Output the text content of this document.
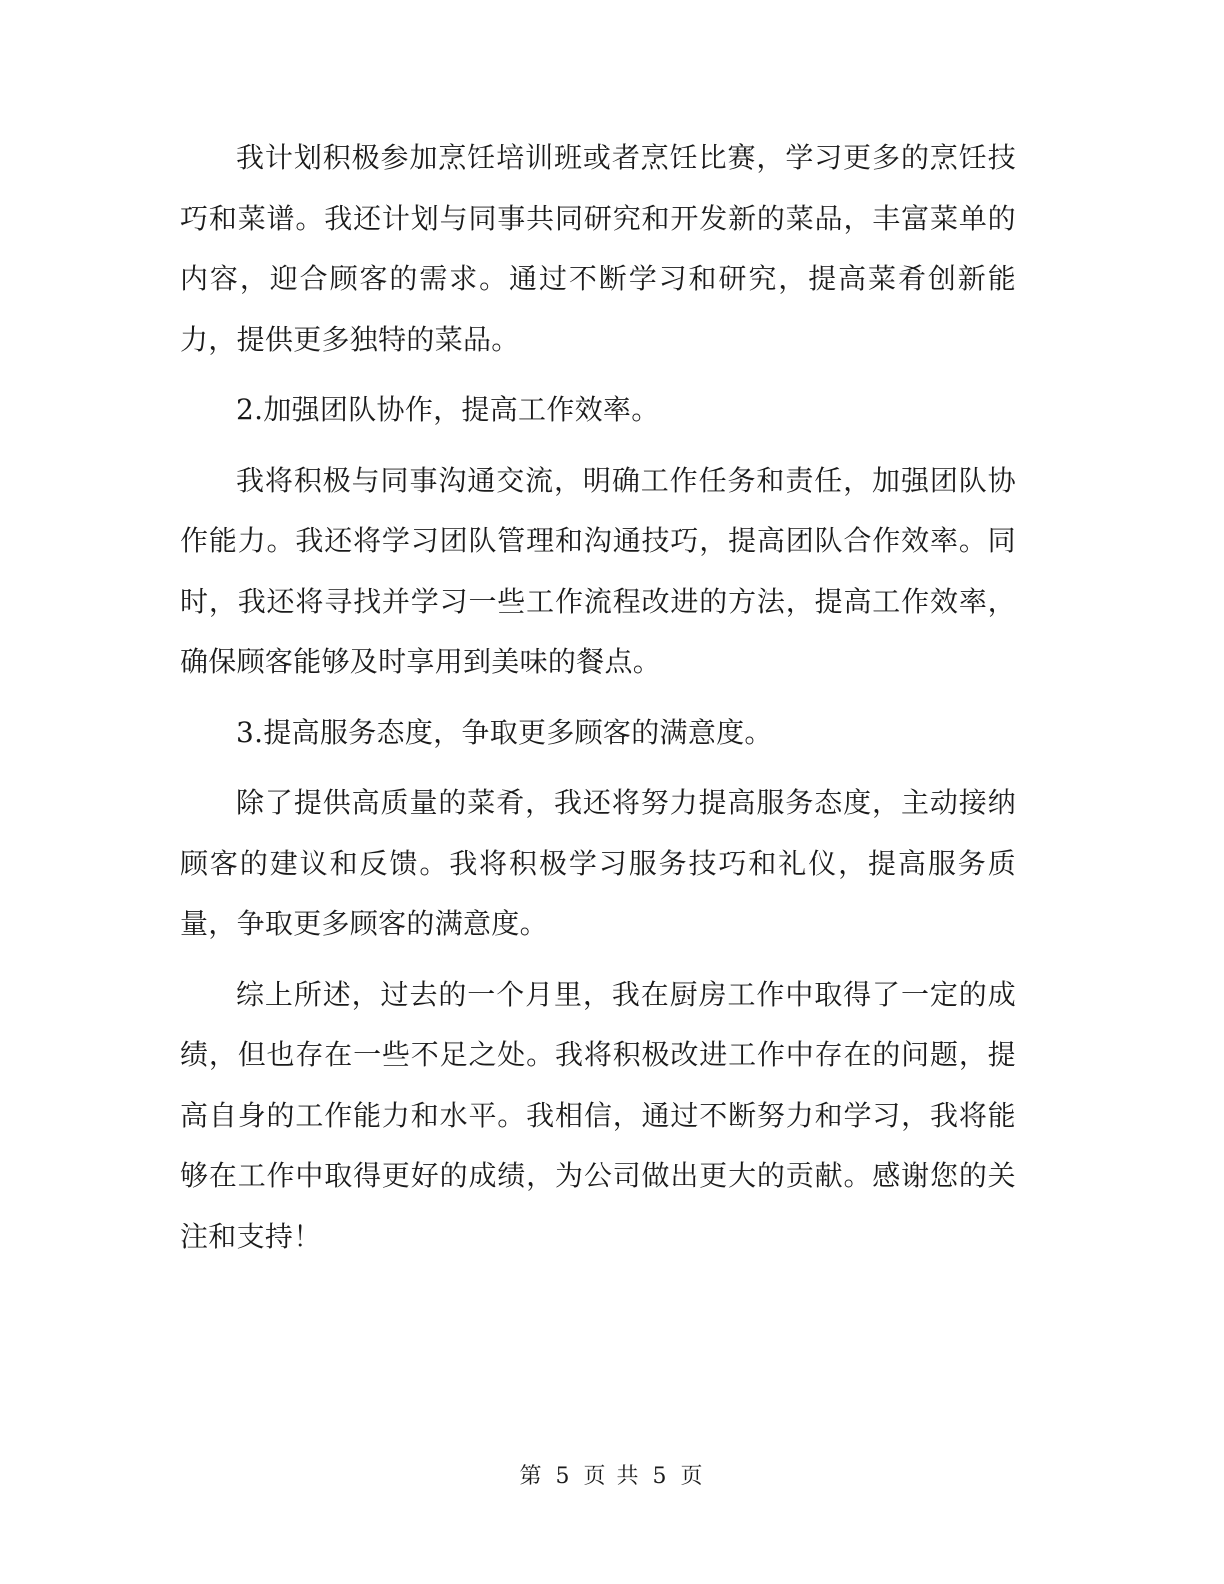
我计划积极参加烹饪培训班或者烹饪比赛，学习更多的烹饪技巧和菜谱。我还计划与同事共同研究和开发新的菜品，丰富菜单的内容，迎合顾客的需求。通过不断学习和研究，提高菜肴创新能力，提供更多独特的菜品。

2.加强团队协作，提高工作效率。

我将积极与同事沟通交流，明确工作任务和责任，加强团队协作能力。我还将学习团队管理和沟通技巧，提高团队合作效率。同时，我还将寻找并学习一些工作流程改进的方法，提高工作效率，确保顾客能够及时享用到美味的餐点。

3.提高服务态度，争取更多顾客的满意度。

除了提供高质量的菜肴，我还将努力提高服务态度，主动接纳顾客的建议和反馈。我将积极学习服务技巧和礼仪，提高服务质量，争取更多顾客的满意度。

综上所述，过去的一个月里，我在厨房工作中取得了一定的成绩，但也存在一些不足之处。我将积极改进工作中存在的问题，提高自身的工作能力和水平。我相信，通过不断努力和学习，我将能够在工作中取得更好的成绩，为公司做出更大的贡献。感谢您的关注和支持！

第 5 页 共 5 页
